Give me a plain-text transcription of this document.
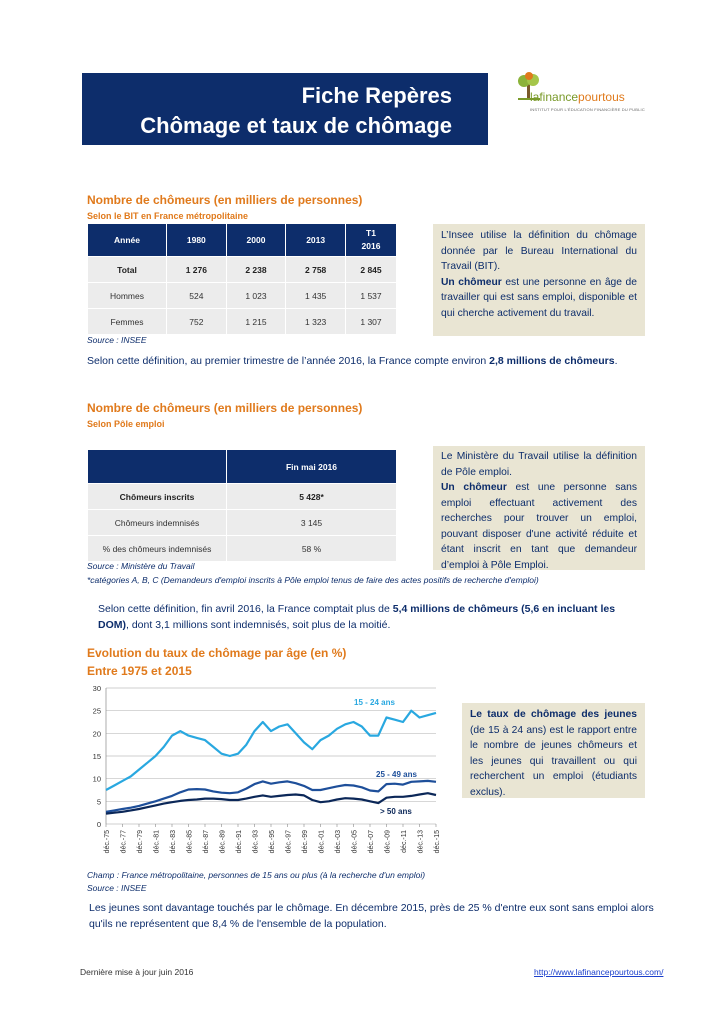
Fiche Repères
Chômage et taux de chômage
lafinancepourtous
INSTITUT POUR L'ÉDUCATION FINANCIÈRE DU PUBLIC
Nombre de chômeurs (en milliers de personnes)
Selon le BIT en France métropolitaine
Année	1980	2000	2013	T1
2016
Total	1 276	2 238	2 758	2 845
Hommes	524	1 023	1 435	1 537
Femmes	752	1 215	1 323	1 307
Source : INSEE
L’Insee utilise la définition du chômage donnée par le Bureau International du Travail (BIT).
Un chômeur est une personne en âge de travailler qui est sans emploi, disponible et qui cherche activement du travail.
Selon cette définition, au premier trimestre de l’année 2016, la France compte environ 2,8 millions de chômeurs.
Nombre de chômeurs (en milliers de personnes)
Selon Pôle emploi
	Fin mai 2016
Chômeurs inscrits	5 428*
Chômeurs indemnisés	3 145
% des chômeurs indemnisés	58 %
Source : Ministère du Travail
*catégories A, B, C (Demandeurs d'emploi inscrits à Pôle emploi tenus de faire des actes positifs de recherche d'emploi)
Le Ministère du Travail utilise la définition de Pôle emploi.
Un chômeur est une personne sans emploi effectuant activement des recherches pour trouver un emploi, pouvant disposer d'une activité réduite et étant inscrit en tant que demandeur d’emploi à Pôle Emploi.
Selon cette définition, fin avril 2016, la France comptait plus de 5,4 millions de chômeurs (5,6 en incluant les DOM), dont 3,1 millions sont indemnisés, soit plus de la moitié.
Evolution du taux de chômage par âge (en %)
Entre 1975 et 2015
0
5
10
15
20
25
30
déc.-75 déc.-77 déc.-79 déc.-81 déc.-83 déc.-85 déc.-87 déc.-89 déc.-91 déc.-93 déc.-95 déc.-97 déc.-99 déc.-01 déc.-03 déc.-05 déc.-07 déc.-09 déc.-11 déc.-13 déc.-15
15 - 24 ans
25 - 49 ans
> 50 ans
Le taux de chômage des jeunes (de 15 à 24 ans) est le rapport entre le nombre de jeunes chômeurs et les jeunes qui travaillent ou qui recherchent un emploi (étudiants exclus).
Champ : France métropolitaine, personnes de 15 ans ou plus (à la recherche d'un emploi)
Source : INSEE
Les jeunes sont davantage touchés par le chômage. En décembre 2015, près de 25 % d'entre eux sont sans emploi alors qu'ils ne représentent que 8,4 % de l'ensemble de la population.
Dernière mise à jour juin 2016	http://www.lafinancepourtous.com/
